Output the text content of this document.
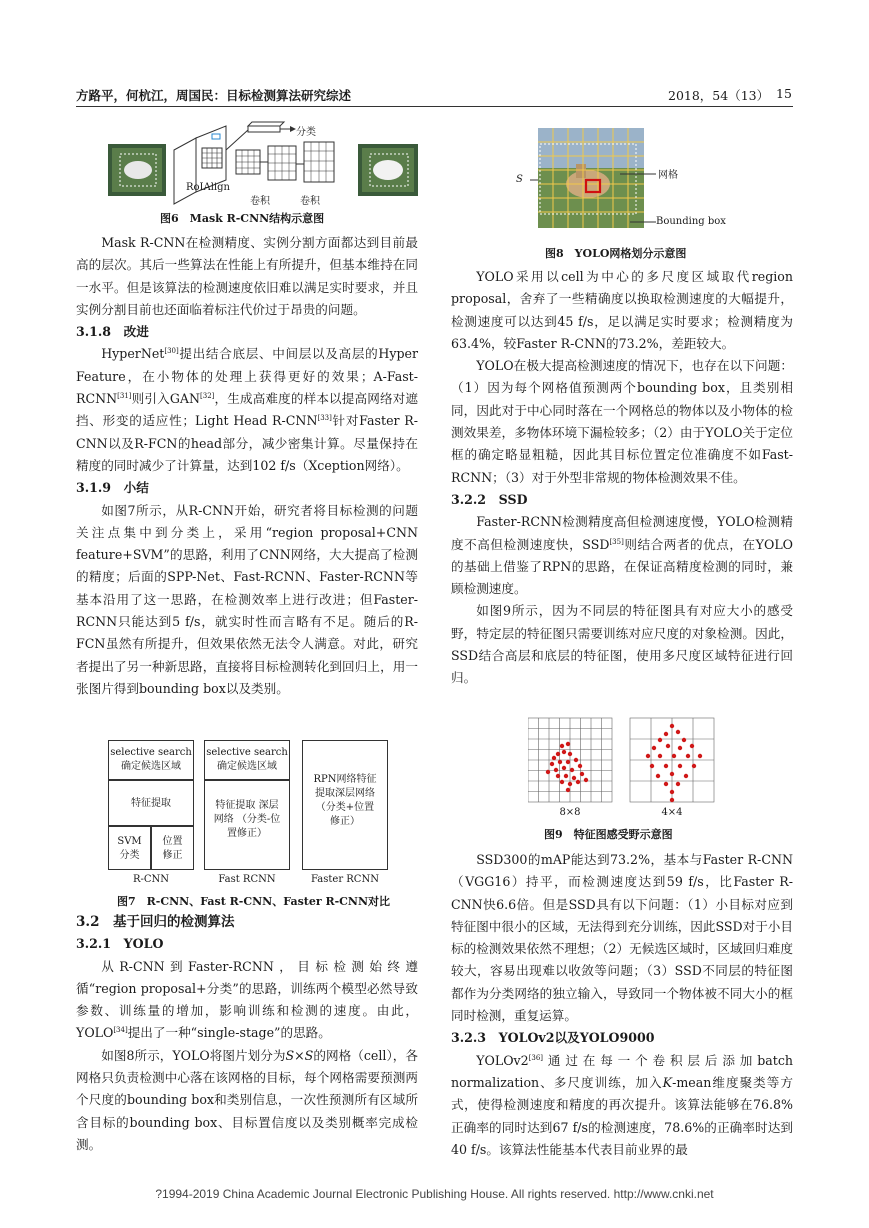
方路平，何杭江，周国民：目标检测算法研究综述	2018，54（13） 15
分类
RoIAlign
卷积	卷积
图6　Mask R-CNN结构示意图

Mask R-CNN在检测精度、实例分割方面都达到目前最高的层次。其后一些算法在性能上有所提升，但基本维持在同一水平。但是该算法的检测速度依旧难以满足实时要求，并且实例分割目前也还面临着标注代价过于昂贵的问题。

3.1.8　改进

HyperNet[30]提出结合底层、中间层以及高层的Hyper Feature，在小物体的处理上获得更好的效果；A-Fast-RCNN[31]则引入GAN[32]，生成高难度的样本以提高网络对遮挡、形变的适应性；Light Head R-CNN[33]针对Faster R-CNN以及R-FCN的head部分，减少密集计算。尽量保持在精度的同时减少了计算量，达到102 f/s（Xception网络）。

3.1.9　小结

如图7所示，从R-CNN开始，研究者将目标检测的问题关注点集中到分类上，采用“region proposal+CNN feature+SVM”的思路，利用了CNN网络，大大提高了检测的精度；后面的SPP-Net、Fast-RCNN、Faster-RCNN等基本沿用了这一思路，在检测效率上进行改进；但Faster-RCNN只能达到5 f/s，就实时性而言略有不足。随后的R-FCN虽然有所提升，但效果依然无法令人满意。对此，研究者提出了另一种新思路，直接将目标检测转化到回归上，用一张图片得到bounding box以及类别。

selective search 确定候选区域
特征提取
SVM 分类
位置 修正
selective search 确定候选区域
特征提取 深层网络 （分类-位置修正）
RPN网络特征提取深层网络（分类+位置修正）
R-CNN	Fast RCNN	Faster RCNN
图7　R-CNN、Fast R-CNN、Faster R-CNN对比

3.2　基于回归的检测算法

3.2.1　YOLO

从R-CNN到Faster-RCNN，目标检测始终遵循“region proposal+分类”的思路，训练两个模型必然导致参数、训练量的增加，影响训练和检测的速度。由此，YOLO[34]提出了一种“single-stage”的思路。

如图8所示，YOLO将图片划分为S×S的网格（cell），各网格只负责检测中心落在该网格的目标，每个网格需要预测两个尺度的bounding box和类别信息，一次性预测所有区域所含目标的bounding box、目标置信度以及类别概率完成检测。

S	网格
Bounding box
图8　YOLO网格划分示意图

YOLO采用以cell为中心的多尺度区域取代region proposal，舍弃了一些精确度以换取检测速度的大幅提升，检测速度可以达到45 f/s，足以满足实时要求；检测精度为63.4%，较Faster R-CNN的73.2%，差距较大。

YOLO在极大提高检测速度的情况下，也存在以下问题：（1）因为每个网格值预测两个bounding box，且类别相同，因此对于中心同时落在一个网格总的物体以及小物体的检测效果差，多物体环境下漏检较多；（2）由于YOLO关于定位框的确定略显粗糙，因此其目标位置定位准确度不如Fast-RCNN；（3）对于外型非常规的物体检测效果不佳。

3.2.2　SSD

Faster-RCNN检测精度高但检测速度慢，YOLO检测精度不高但检测速度快，SSD[35]则结合两者的优点，在YOLO的基础上借鉴了RPN的思路，在保证高精度检测的同时，兼顾检测速度。

如图9所示，因为不同层的特征图具有对应大小的感受野，特定层的特征图只需要训练对应尺度的对象检测。因此，SSD结合高层和底层的特征图，使用多尺度区域特征进行回归。

8×8	4×4
图9　特征图感受野示意图

SSD300的mAP能达到73.2%，基本与Faster R-CNN（VGG16）持平，而检测速度达到59 f/s，比Faster R-CNN快6.6倍。但是SSD具有以下问题：（1）小目标对应到特征图中很小的区域，无法得到充分训练，因此SSD对于小目标的检测效果依然不理想；（2）无候选区域时，区域回归难度较大，容易出现难以收敛等问题；（3）SSD不同层的特征图都作为分类网络的独立输入，导致同一个物体被不同大小的框同时检测，重复运算。

3.2.3　YOLOv2以及YOLO9000

YOLOv2[36]通过在每一个卷积层后添加batch normalization、多尺度训练，加入K-mean维度聚类等方式，使得检测速度和精度的再次提升。该算法能够在76.8%正确率的同时达到67 f/s的检测速度，78.6%的正确率时达到40 f/s。该算法性能基本代表目前业界的最

?1994-2019 China Academic Journal Electronic Publishing House. All rights reserved. http://www.cnki.net
